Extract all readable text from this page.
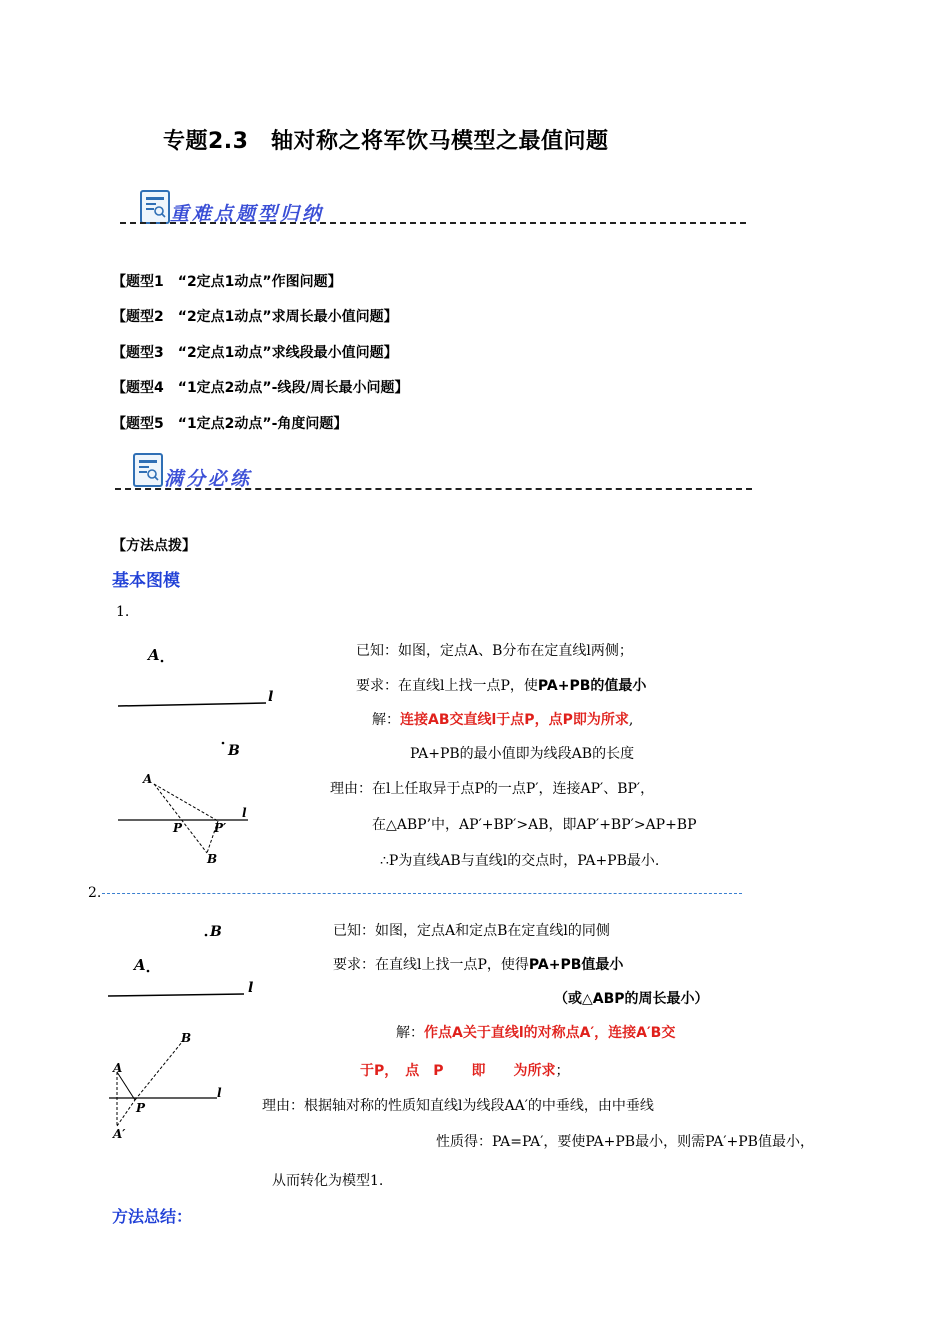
专题2.3　轴对称之将军饮马模型之最值问题
重难点题型归纳
【题型1　“2定点1动点”作图问题】
【题型2　“2定点1动点”求周长最小值问题】
【题型3　“2定点1动点”求线段最小值问题】
【题型4　“1定点2动点”-线段/周长最小问题】
【题型5　“1定点2动点”-角度问题】
满分必练
【方法点拨】
基本图模
1.
A
l
B
l
A
P	P′
B
已知：如图，定点A、B分布在定直线l两侧；
要求：在直线l上找一点P，使PA+PB的值最小
解：连接AB交直线l于点P，点P即为所求,
PA+PB的最小值即为线段AB的长度
理由：在l上任取异于点P的一点P′，连接AP′、BP′，
在△ABP’中，AP′+BP′>AB，即AP′+BP′>AP+BP
∴P为直线AB与直线l的交点时，PA+PB最小.
2.
B
A
l
l
B
A
P
A′
已知：如图，定点A和定点B在定直线l的同侧
要求：在直线l上找一点P，使得PA+PB值最小
（或△ABP的周长最小）
解：作点A关于直线l的对称点A′，连接A′B交
于P，　点　P　　即　　为所求；
理由：根据轴对称的性质知直线l为线段AA′的中垂线，由中垂线
性质得：PA=PA′，要使PA+PB最小，则需PA′+PB值最小，
从而转化为模型1.
方法总结：
